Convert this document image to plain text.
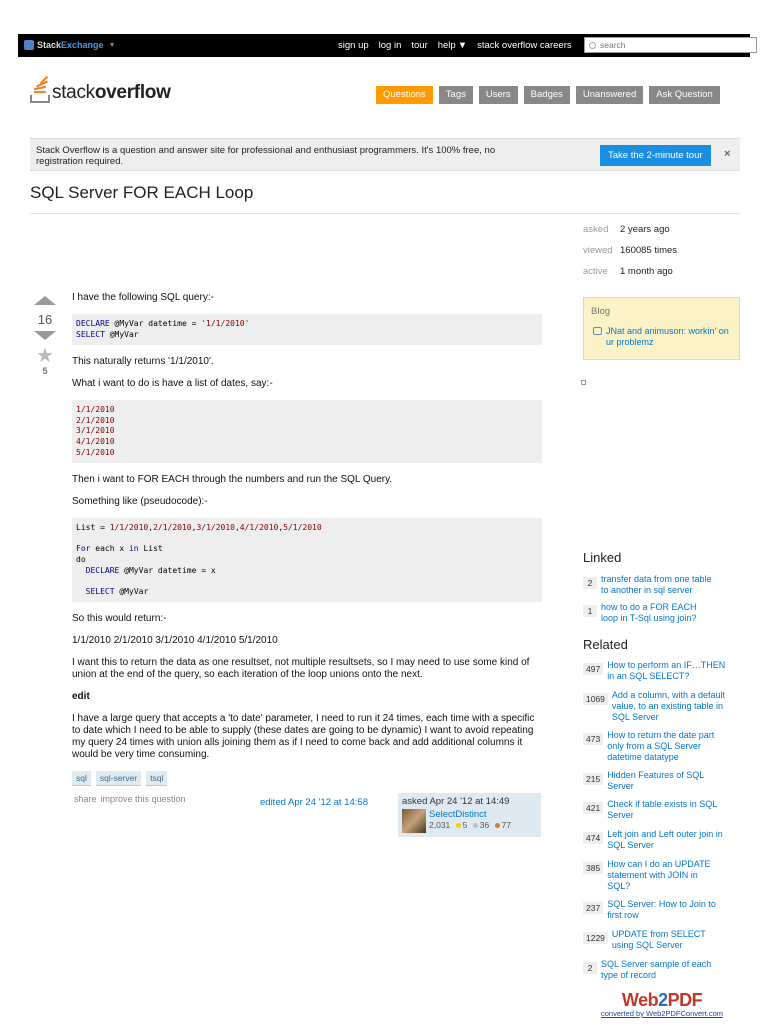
StackExchange ▼	sign up log in tour help ▼ stack overflow careers
search
stackoverflow	Questions	Tags	Users	Badges	Unanswered	Ask Question
Stack Overflow is a question and answer site for professional and enthusiast programmers. It's 100% free, no registration required.
Take the 2-minute tour	×
SQL Server FOR EACH Loop
asked	2 years ago
viewed 160085 times
active	1 month ago
16
★
5

I have the following SQL query:-

DECLARE @MyVar datetime = '1/1/2010'
SELECT @MyVar

This naturally returns '1/1/2010'.

What i want to do is have a list of dates, say:-

1/1/2010
2/1/2010
3/1/2010
4/1/2010
5/1/2010

Then i want to FOR EACH through the numbers and run the SQL Query.

Something like (pseudocode):-

List = 1/1/2010,2/1/2010,3/1/2010,4/1/2010,5/1/2010

For each x in List
do
DECLARE @MyVar datetime = x

SELECT @MyVar

So this would return:-

1/1/2010 2/1/2010 3/1/2010 4/1/2010 5/1/2010

I want this to return the data as one resultset, not multiple resultsets, so I may need to use some kind of union at the end of the query, so each iteration of the loop unions onto the next.

edit

I have a large query that accepts a 'to date' parameter, I need to run it 24 times, each time with a specific to date which I need to be able to supply (these dates are going to be dynamic) I want to avoid repeating my query 24 times with union alls joining them as if I need to come back and add additional columns it would be very time consuming.

sql	sql-server	tsql
share improve this question	edited Apr 24 '12 at 14:58	asked Apr 24 '12 at 14:49
SelectDistinct
2,031 5 36 77
Blog
JNat and animuson: workin' on ur problemz
Linked
2 transfer data from one table to another in sql server
1 how to do a FOR EACH loop in T-Sql using join?
Related
497 How to perform an IF…THEN in an SQL SELECT?
1069 Add a column, with a default value, to an existing table in SQL Server
473 How to return the date part only from a SQL Server datetime datatype
215 Hidden Features of SQL Server
421 Check if table exists in SQL Server
474 Left join and Left outer join in SQL Server
385 How can I do an UPDATE statement with JOIN in SQL?
237 SQL Server: How to Join to first row
1229 UPDATE from SELECT using SQL Server
2 SQL Server sample of each type of record
Web2PDF
converted by Web2PDFConvert.com
